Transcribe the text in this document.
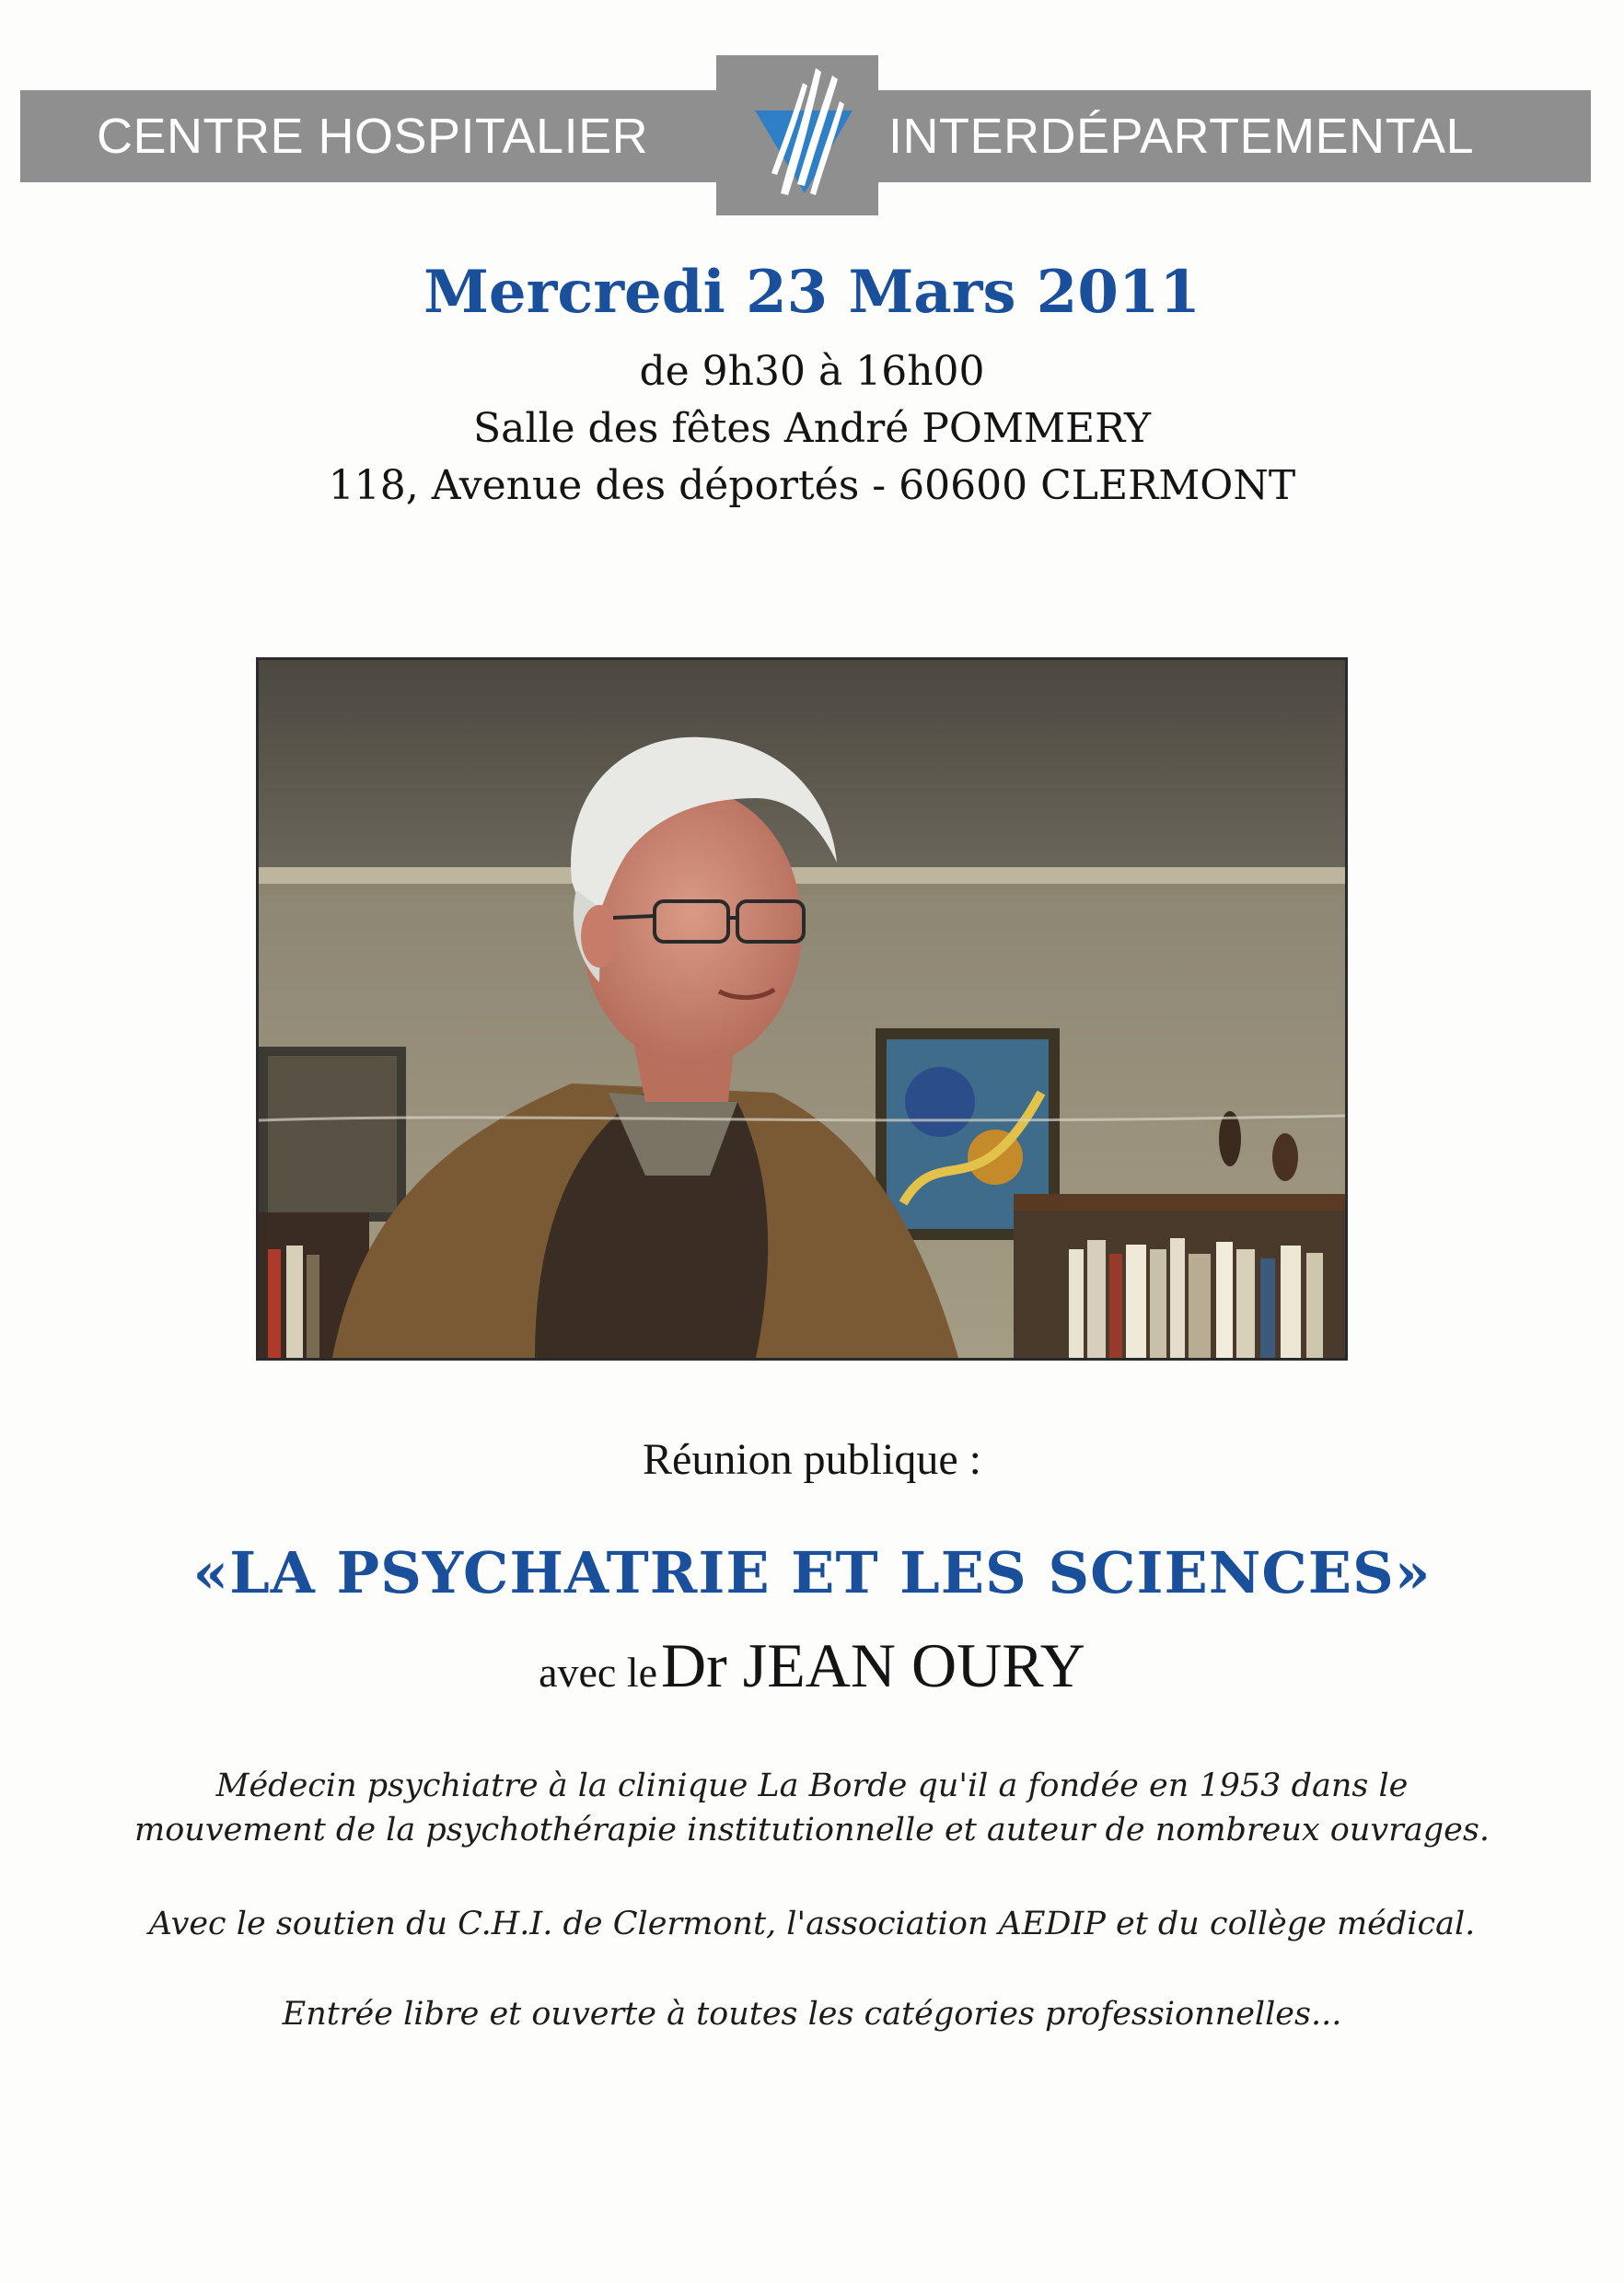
CENTRE HOSPITALIER	INTERDÉPARTEMENTAL
Mercredi 23 Mars 2011
de 9h30 à 16h00
Salle des fêtes André POMMERY
118, Avenue des déportés - 60600 CLERMONT
Réunion publique :
«LA PSYCHATRIE ET LES SCIENCES»
avec le Dr JEAN OURY
Médecin psychiatre à la clinique La Borde qu'il a fondée en 1953 dans le
mouvement de la psychothérapie institutionnelle et auteur de nombreux ouvrages.
Avec le soutien du C.H.I. de Clermont, l'association AEDIP et du collège médical.
Entrée libre et ouverte à toutes les catégories professionnelles...
